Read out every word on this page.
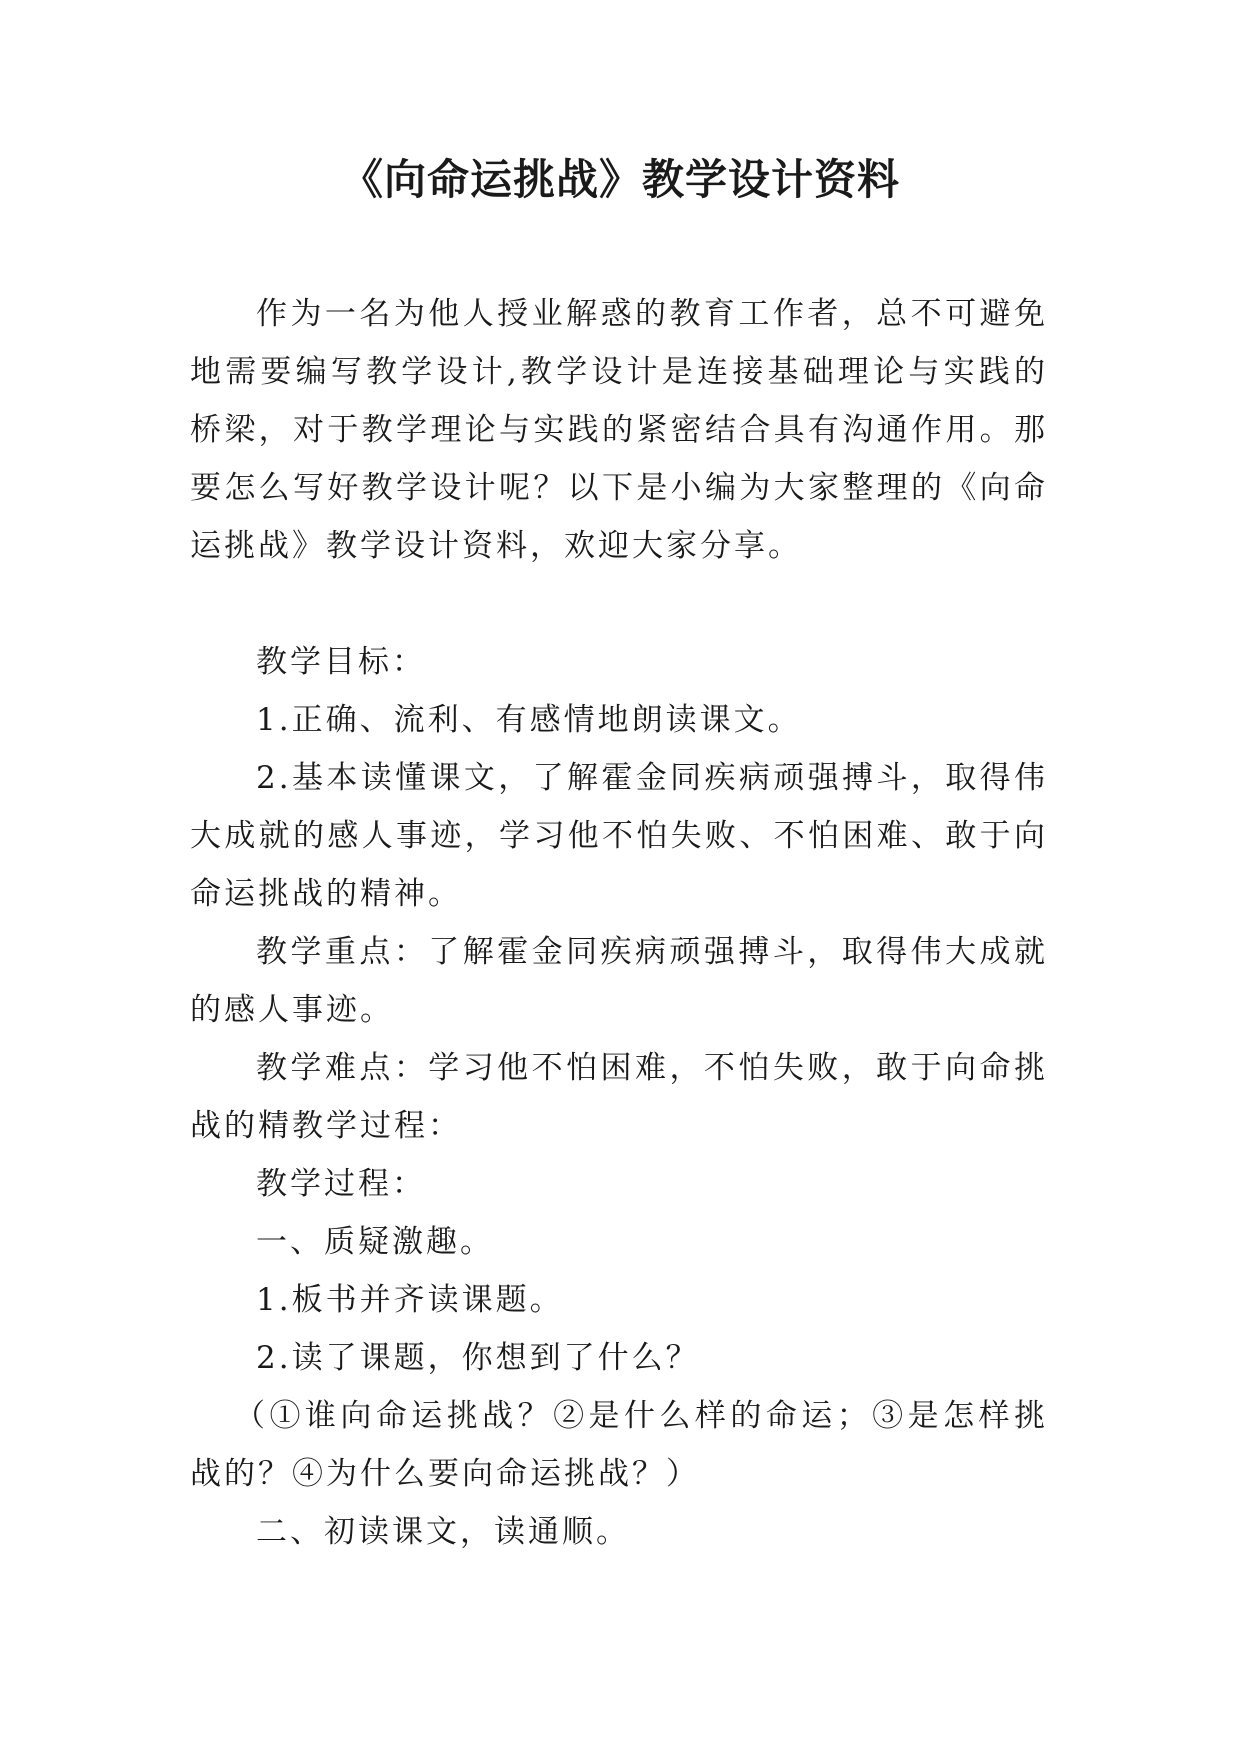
《向命运挑战》教学设计资料

作为一名为他人授业解惑的教育工作者，总不可避免地需要编写教学设计,教学设计是连接基础理论与实践的桥梁，对于教学理论与实践的紧密结合具有沟通作用。那要怎么写好教学设计呢？以下是小编为大家整理的《向命运挑战》教学设计资料，欢迎大家分享。

教学目标：

1.正确、流利、有感情地朗读课文。

2.基本读懂课文，了解霍金同疾病顽强搏斗，取得伟大成就的感人事迹，学习他不怕失败、不怕困难、敢于向命运挑战的精神。

教学重点：了解霍金同疾病顽强搏斗，取得伟大成就的感人事迹。

教学难点：学习他不怕困难，不怕失败，敢于向命挑战的精教学过程：

教学过程：

一、质疑激趣。

1.板书并齐读课题。

2.读了课题，你想到了什么？

（①谁向命运挑战？②是什么样的命运；③是怎样挑战的？④为什么要向命运挑战？）

二、初读课文，读通顺。
